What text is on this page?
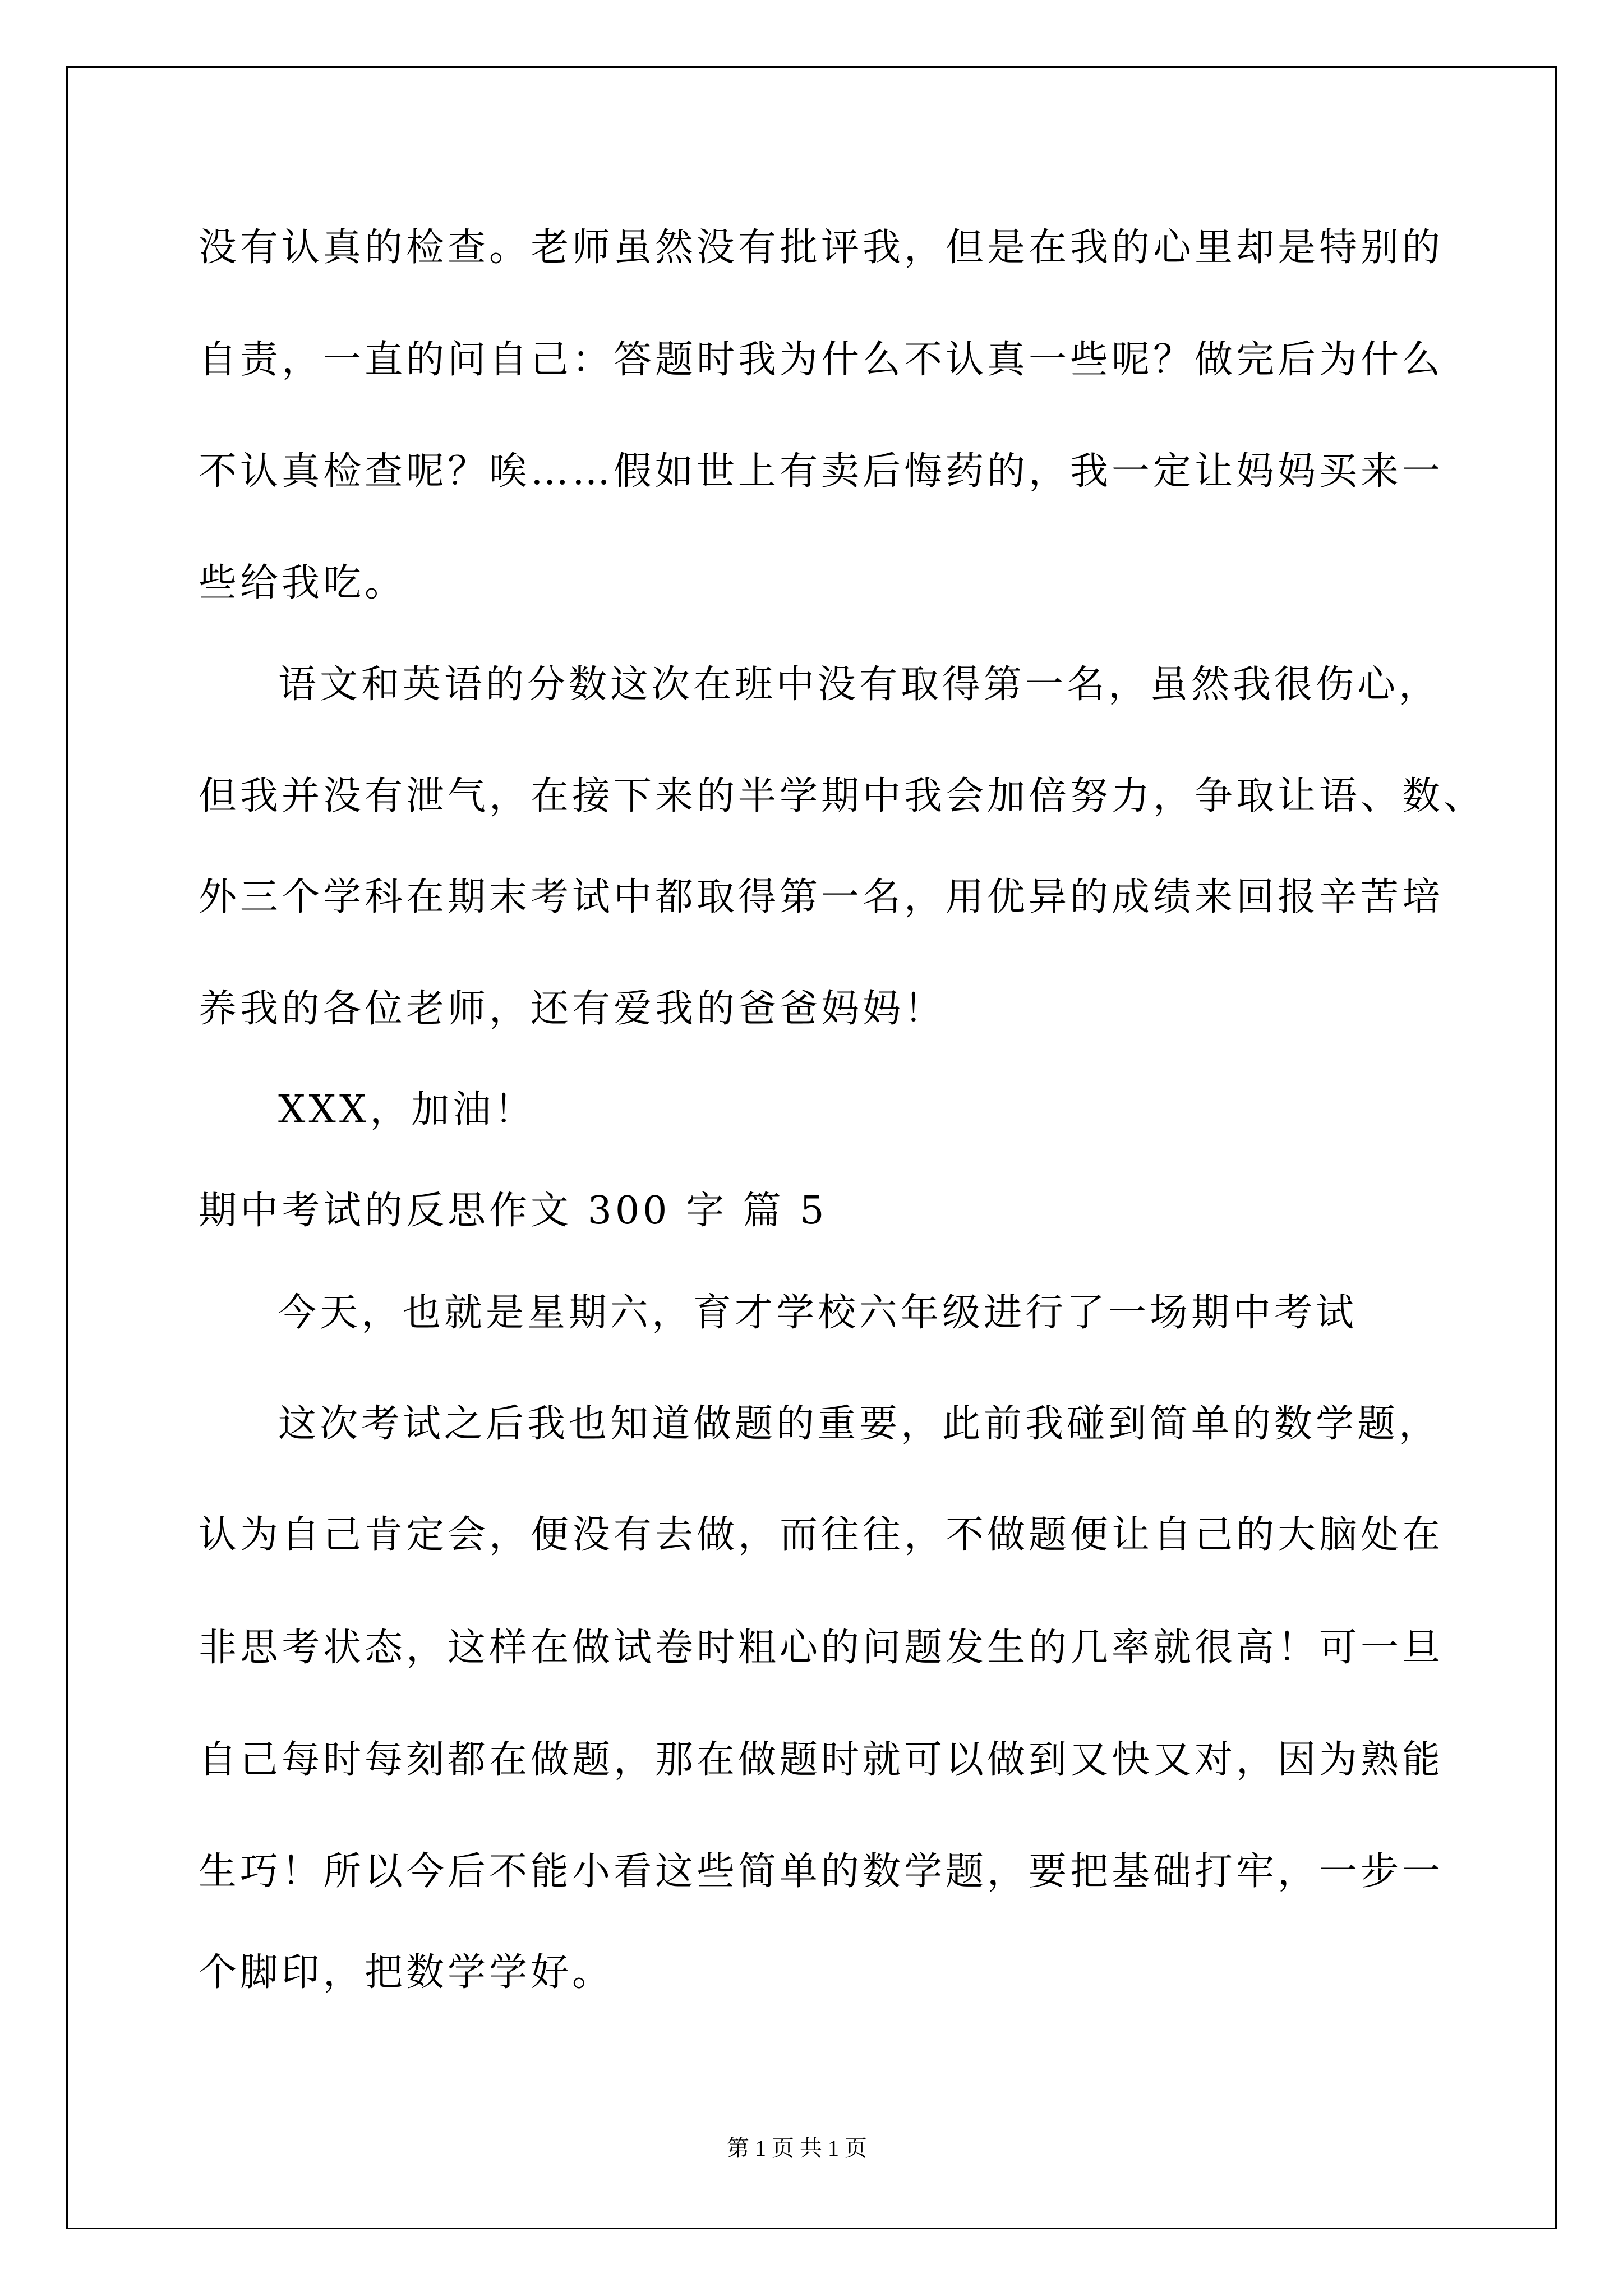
没有认真的检查。老师虽然没有批评我，但是在我的心里却是特别的
自责，一直的问自己：答题时我为什么不认真一些呢？做完后为什么
不认真检查呢？唉……假如世上有卖后悔药的，我一定让妈妈买来一
些给我吃。
语文和英语的分数这次在班中没有取得第一名，虽然我很伤心，
但我并没有泄气，在接下来的半学期中我会加倍努力，争取让语、数、
外三个学科在期末考试中都取得第一名，用优异的成绩来回报辛苦培
养我的各位老师，还有爱我的爸爸妈妈！
XXX，加油！
期中考试的反思作文 300 字 篇 5
今天，也就是星期六，育才学校六年级进行了一场期中考试
这次考试之后我也知道做题的重要，此前我碰到简单的数学题，
认为自己肯定会，便没有去做，而往往，不做题便让自己的大脑处在
非思考状态，这样在做试卷时粗心的问题发生的几率就很高！可一旦
自己每时每刻都在做题，那在做题时就可以做到又快又对，因为熟能
生巧！所以今后不能小看这些简单的数学题，要把基础打牢，一步一
个脚印，把数学学好。
第 1 页 共 1 页
